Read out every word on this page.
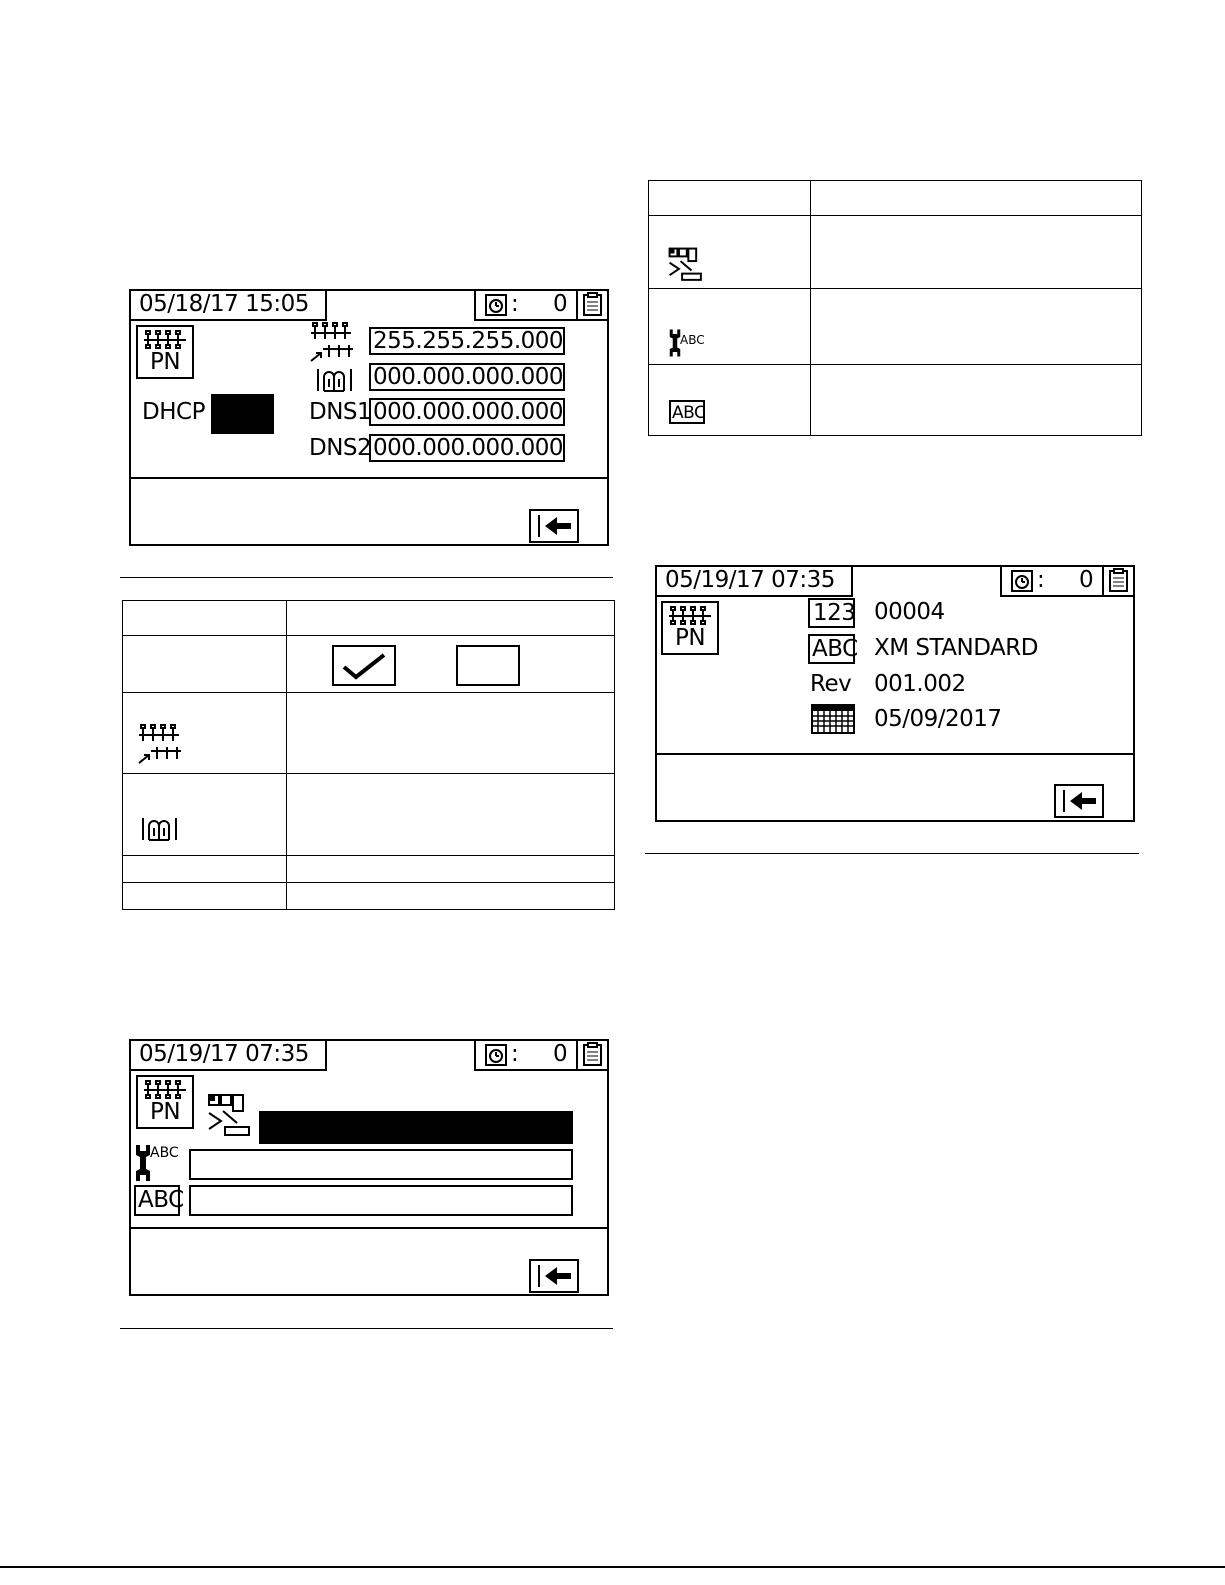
05/18/17 15:05	: 0
PN
DHCP
255.255.255.000
000.000.000.000
DNS1 000.000.000.000
DNS2 000.000.000.000

05/19/17 07:35	: 0
PN
ABC
ABC

ABC	

ABC	

05/19/17 07:35	: 0
PN
123 00004
ABC XM STANDARD
Rev 001.002
05/09/2017
